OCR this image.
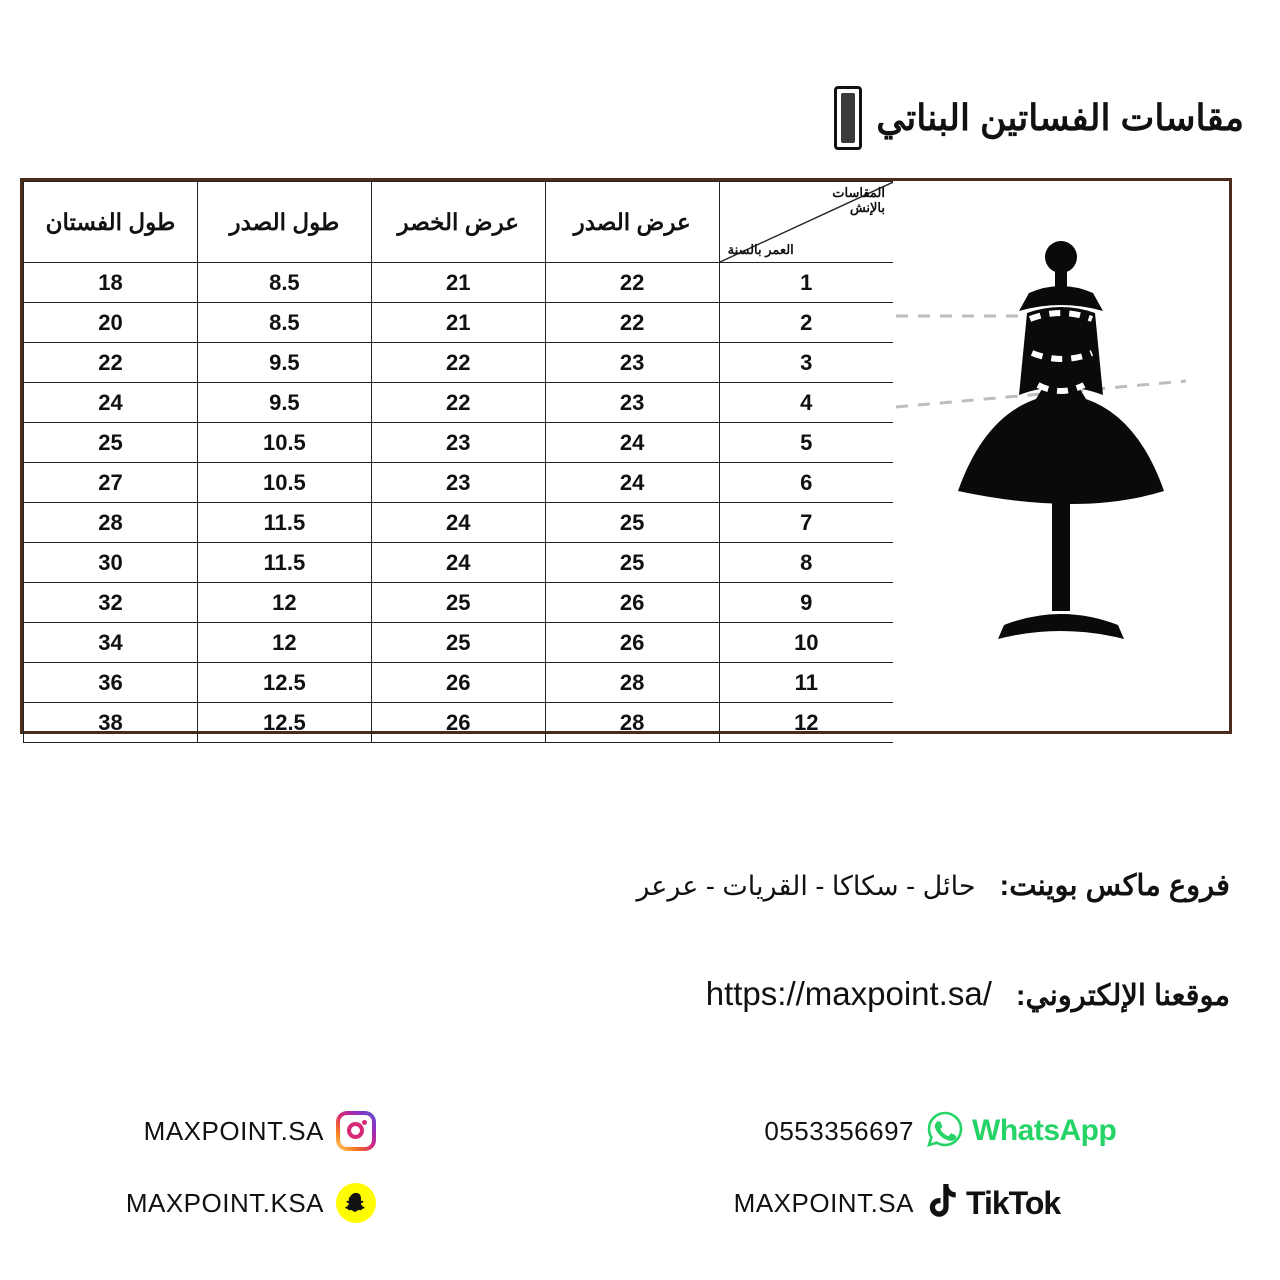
مقاسات الفساتين البناتي
المقاسات بالإنش
العمر بالسنة	عرض الصدر	عرض الخصر	طول الصدر	طول الفستان
1	22	21	8.5	18
2	22	21	8.5	20
3	23	22	9.5	22
4	23	22	9.5	24
5	24	23	10.5	25
6	24	23	10.5	27
7	25	24	11.5	28
8	25	24	11.5	30
9	26	25	12	32
10	26	25	12	34
11	28	26	12.5	36
12	28	26	12.5	38
فروع ماكس بوينت:
حائل - سكاكا - القريات - عرعر
موقعنا الإلكتروني:
https://maxpoint.sa/
MAXPOINT.SA	0553356697 WhatsApp
MAXPOINT.KSA	MAXPOINT.SA TikTok
